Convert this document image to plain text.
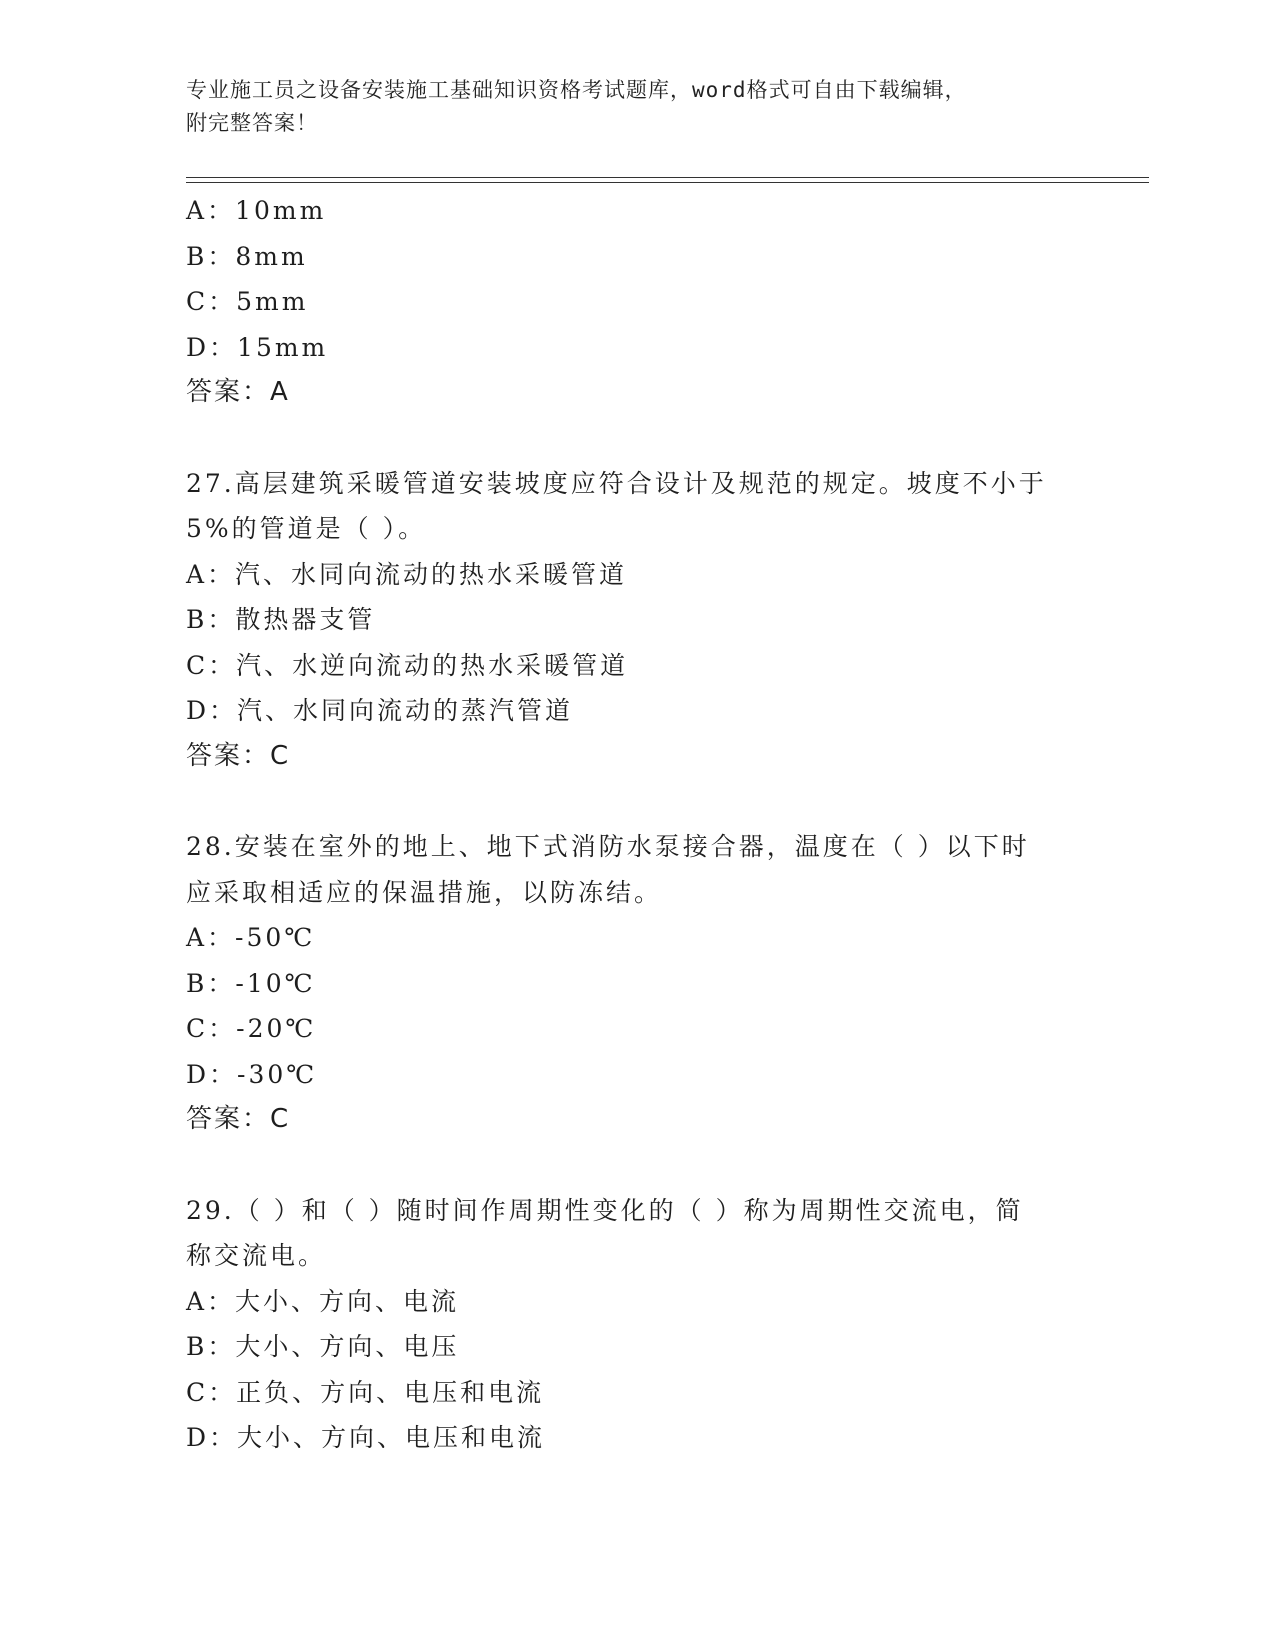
专业施工员之设备安装施工基础知识资格考试题库，word格式可自由下载编辑，
附完整答案！
A：10mm
B：8mm
C：5mm
D：15mm
答案：A
27.高层建筑采暖管道安装坡度应符合设计及规范的规定。坡度不小于
5%的管道是（ ）。
A：汽、水同向流动的热水采暖管道
B：散热器支管
C：汽、水逆向流动的热水采暖管道
D：汽、水同向流动的蒸汽管道
答案：C
28.安装在室外的地上、地下式消防水泵接合器，温度在（ ）以下时
应采取相适应的保温措施，以防冻结。
A：-50℃
B：-10℃
C：-20℃
D：-30℃
答案：C
29.（ ）和（ ）随时间作周期性变化的（ ）称为周期性交流电，简
称交流电。
A：大小、方向、电流
B：大小、方向、电压
C：正负、方向、电压和电流
D：大小、方向、电压和电流
